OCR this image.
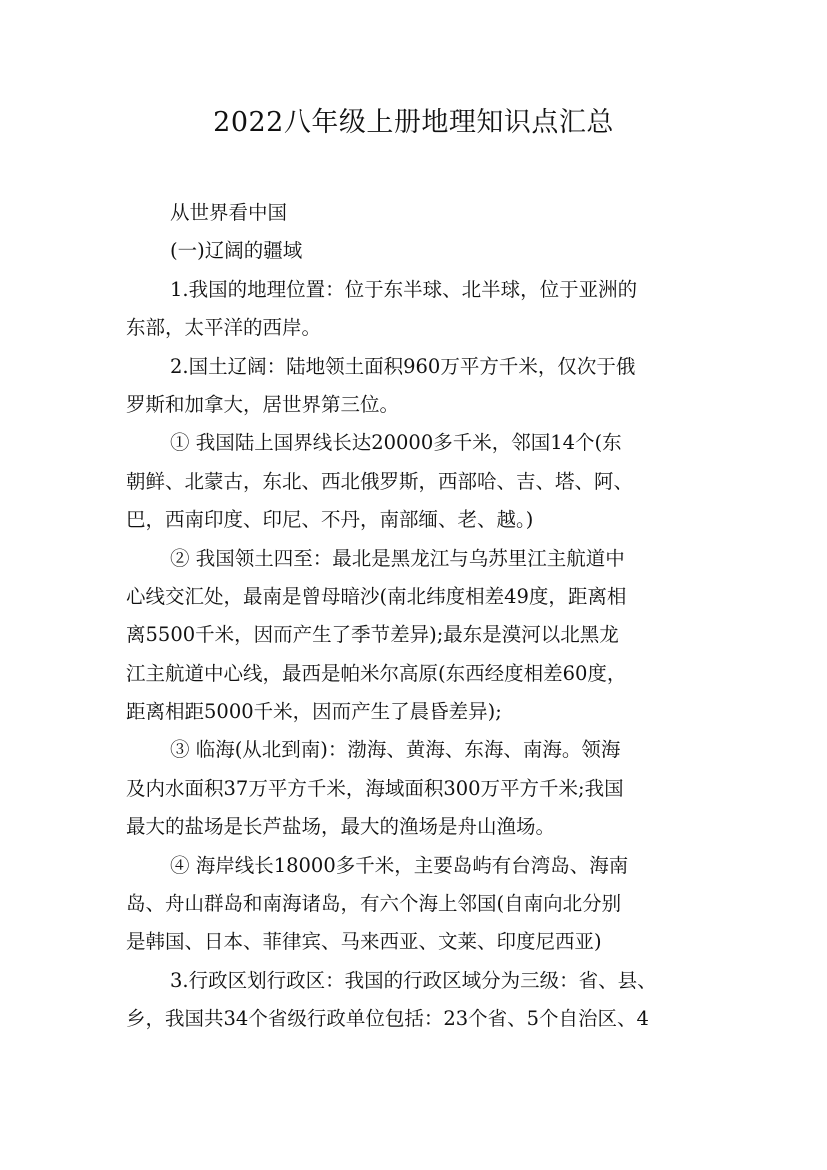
2022八年级上册地理知识点汇总
从世界看中国
(一)辽阔的疆域
1.我国的地理位置：位于东半球、北半球，位于亚洲的
东部，太平洋的西岸。
2.国土辽阔：陆地领土面积960万平方千米，仅次于俄
罗斯和加拿大，居世界第三位。
① 我国陆上国界线长达20000多千米，邻国14个(东
朝鲜、北蒙古，东北、西北俄罗斯，西部哈、吉、塔、阿、
巴，西南印度、印尼、不丹，南部缅、老、越。)
② 我国领土四至：最北是黑龙江与乌苏里江主航道中
心线交汇处，最南是曾母暗沙(南北纬度相差49度，距离相
离5500千米，因而产生了季节差异);最东是漠河以北黑龙
江主航道中心线，最西是帕米尔高原(东西经度相差60度，
距离相距5000千米，因而产生了晨昏差异);
③ 临海(从北到南)：渤海、黄海、东海、南海。领海
及内水面积37万平方千米，海域面积300万平方千米;我国
最大的盐场是长芦盐场，最大的渔场是舟山渔场。
④ 海岸线长18000多千米，主要岛屿有台湾岛、海南
岛、舟山群岛和南海诸岛，有六个海上邻国(自南向北分别
是韩国、日本、菲律宾、马来西亚、文莱、印度尼西亚)
3.行政区划行政区：我国的行政区域分为三级：省、县、
乡，我国共34个省级行政单位包括：23个省、5个自治区、4
